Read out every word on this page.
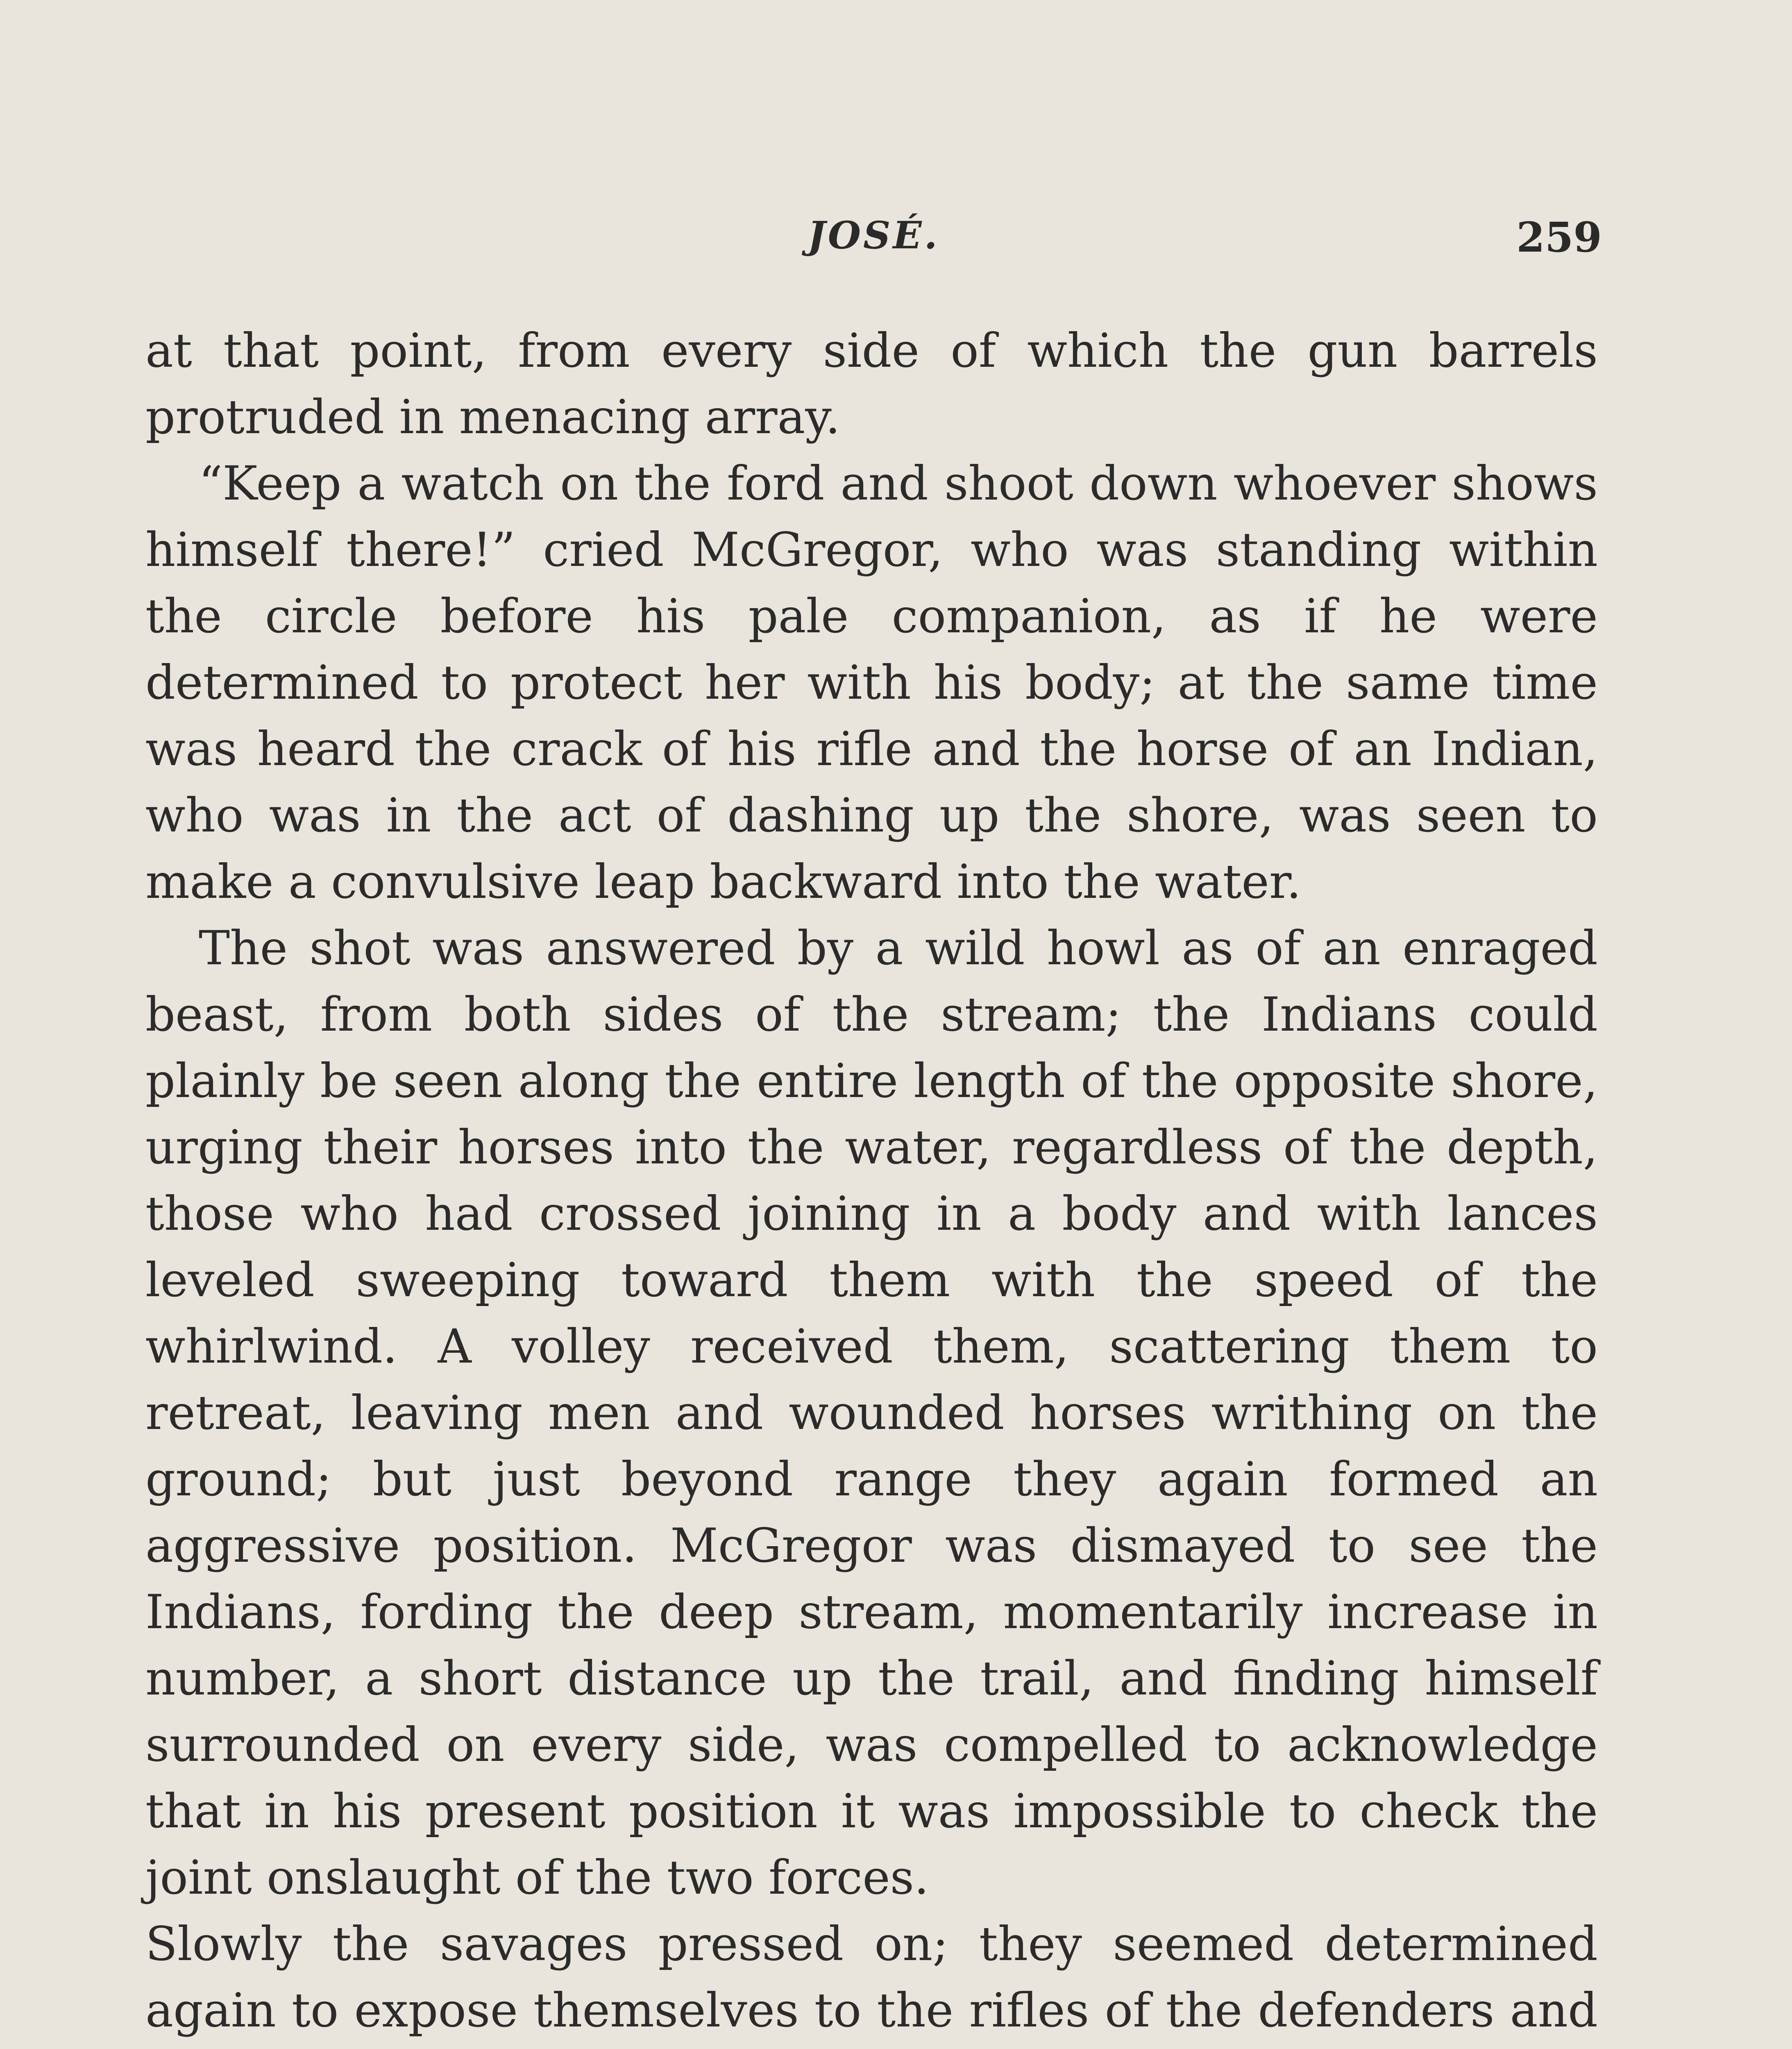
JOSÉ.	259

at that point, from every side of which the gun barrels protruded in menacing array.

“Keep a watch on the ford and shoot down whoever shows himself there!” cried McGregor, who was standing within the circle before his pale companion, as if he were determined to protect her with his body; at the same time was heard the crack of his rifle and the horse of an Indian, who was in the act of dashing up the shore, was seen to make a convulsive leap backward into the water.

The shot was answered by a wild howl as of an enraged beast, from both sides of the stream; the Indians could plainly be seen along the entire length of the opposite shore, urging their horses into the water, regardless of the depth, those who had crossed joining in a body and with lances leveled sweeping toward them with the speed of the whirlwind. A volley received them, scattering them to retreat, leaving men and wounded horses writhing on the ground; but just beyond range they again formed an aggressive position. McGregor was dismayed to see the Indians, fording the deep stream, momentarily increase in number, a short distance up the trail, and finding himself surrounded on every side, was compelled to acknowledge that in his present position it was impossible to check the joint onslaught of the two forces.

Slowly the savages pressed on; they seemed determined again to expose themselves to the rifles of the defenders and
